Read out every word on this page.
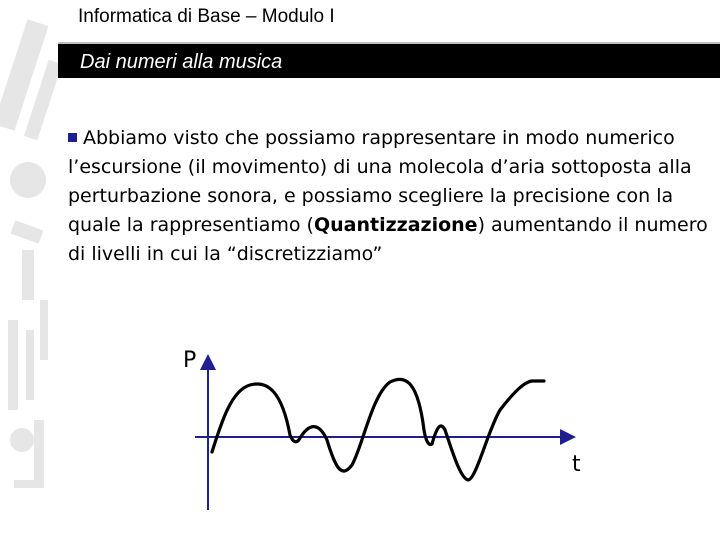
Informatica di Base – Modulo I
Dai numeri alla musica
Abbiamo visto che possiamo rappresentare in modo numerico l’escursione (il movimento) di una molecola d’aria sottoposta alla perturbazione sonora, e possiamo scegliere la precisione con la quale la rappresentiamo (Quantizzazione) aumentando il numero di livelli in cui la “discretizziamo”
P
t
